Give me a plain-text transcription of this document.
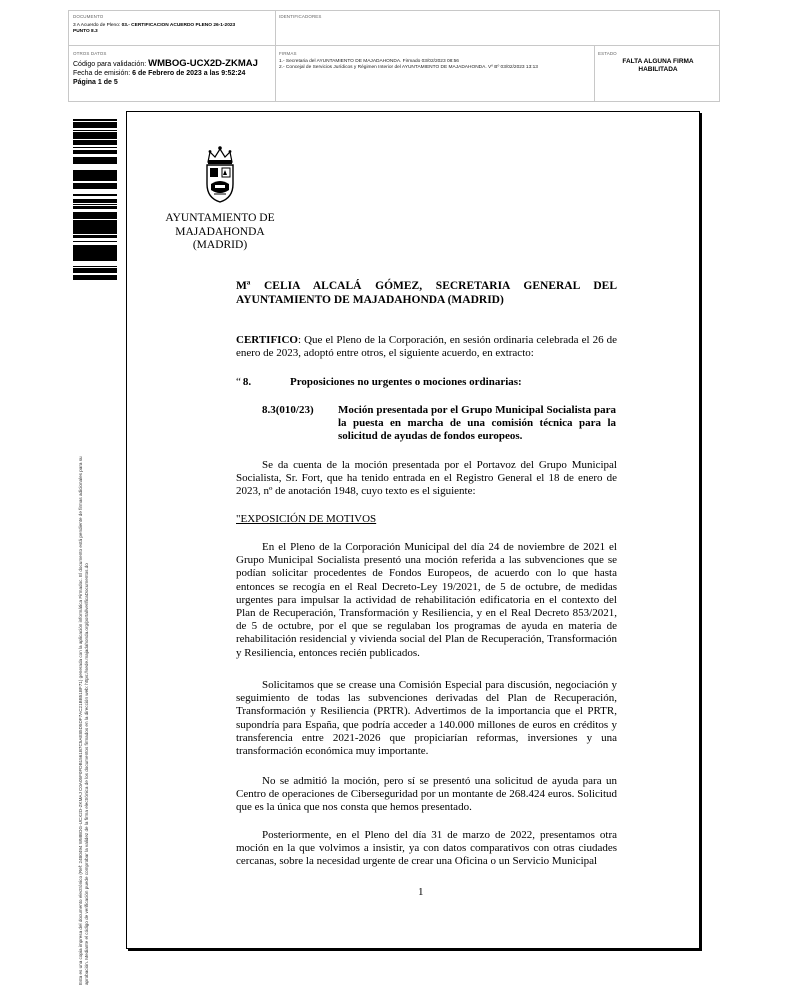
DOCUMENTO
3 A Acuerdo de Pleno: 03.- CERTIFICACION ACUERDO PLENO 26-1-2023
PUNTO 8.3
IDENTIFICADORES
OTROS DATOS
Código para validación: WMBOG-UCX2D-ZKMAJ
Fecha de emisión: 6 de Febrero de 2023 a las 9:52:24
Página 1 de 5
FIRMAS
1.- Secretaria del AYUNTAMIENTO DE MAJADAHONDA. Firmado 03/02/2023 08:56
2.- Concejal de Servicios Jurídicos y Régimen Interior del AYUNTAMIENTO DE MAJADAHONDA. Vº Bº 03/02/2023 13:13
ESTADO
FALTA ALGUNA FIRMA
HABILITADA
Esta es una copia impresa del documento electrónico (Ref: 2480494 WMBOG-UCX2D-ZKMAJ C0A05F0FDB1561B7C5AE85D5DF7AC21BB51BF71) generada con la aplicación informática Firmadoc. El documento está pendiente de firmas adicionales para su aprobación. Mediante el código de verificación puede comprobar la validez de la firma electrónica de los documentos firmados en la dirección web: https://sede.majadahonda.org/portal/verificaDocumentos.do
AYUNTAMIENTO DE
MAJADAHONDA
(MADRID)
Mª CELIA ALCALÁ GÓMEZ, SECRETARIA GENERAL DEL AYUNTAMIENTO DE MAJADAHONDA (MADRID)

CERTIFICO: Que el Pleno de la Corporación, en sesión ordinaria celebrada el 26 de enero de 2023, adoptó entre otros, el siguiente acuerdo, en extracto:

“ 8.	Proposiciones no urgentes o mociones ordinarias:
8.3(010/23) Moción presentada por el Grupo Municipal Socialista para la puesta en marcha de una comisión técnica para la solicitud de ayudas de fondos europeos.

Se da cuenta de la moción presentada por el Portavoz del Grupo Municipal Socialista, Sr. Fort, que ha tenido entrada en el Registro General el 18 de enero de 2023, nº de anotación 1948, cuyo texto es el siguiente:

"EXPOSICIÓN DE MOTIVOS

En el Pleno de la Corporación Municipal del día 24 de noviembre de 2021 el Grupo Municipal Socialista presentó una moción referida a las subvenciones que se podían solicitar procedentes de Fondos Europeos, de acuerdo con lo que hasta entonces se recogía en el Real Decreto-Ley 19/2021, de 5 de octubre, de medidas urgentes para impulsar la actividad de rehabilitación edificatoria en el contexto del Plan de Recuperación, Transformación y Resiliencia, y en el Real Decreto 853/2021, de 5 de octubre, por el que se regulaban los programas de ayuda en materia de rehabilitación residencial y vivienda social del Plan de Recuperación, Transformación y Resiliencia, entonces recién publicados.

Solicitamos que se crease una Comisión Especial para discusión, negociación y seguimiento de todas las subvenciones derivadas del Plan de Recuperación, Transformación y Resiliencia (PRTR). Advertimos de la importancia que el PRTR, supondría para España, que podría acceder a 140.000 millones de euros en créditos y transferencia entre 2021-2026 que propiciarían reformas, inversiones y una transformación económica muy importante.

No se admitió la moción, pero sí se presentó una solicitud de ayuda para un Centro de operaciones de Ciberseguridad por un montante de 268.424 euros. Solicitud que es la única que nos consta que hemos presentado.

Posteriormente, en el Pleno del día 31 de marzo de 2022, presentamos otra moción en la que volvimos a insistir, ya con datos comparativos con otras ciudades cercanas, sobre la necesidad urgente de crear una Oficina o un Servicio Municipal

1
